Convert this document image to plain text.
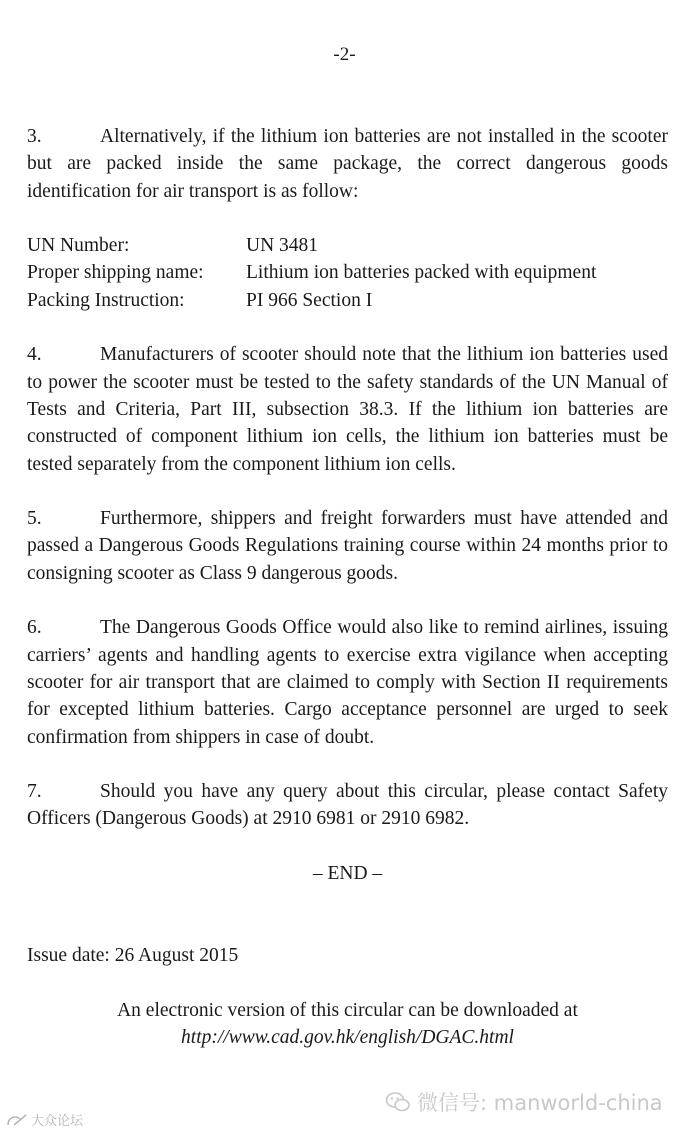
-2-

3.	Alternatively, if the lithium ion batteries are not installed in the scooter but are packed inside the same package, the correct dangerous goods identification for air transport is as follow:

UN Number:	UN 3481
Proper shipping name:	Lithium ion batteries packed with equipment
Packing Instruction:	PI 966 Section I

4.	Manufacturers of scooter should note that the lithium ion batteries used to power the scooter must be tested to the safety standards of the UN Manual of Tests and Criteria, Part III, subsection 38.3. If the lithium ion batteries are constructed of component lithium ion cells, the lithium ion batteries must be tested separately from the component lithium ion cells.

5.	Furthermore, shippers and freight forwarders must have attended and passed a Dangerous Goods Regulations training course within 24 months prior to consigning scooter as Class 9 dangerous goods.

6.	The Dangerous Goods Office would also like to remind airlines, issuing carriers’ agents and handling agents to exercise extra vigilance when accepting scooter for air transport that are claimed to comply with Section II requirements for excepted lithium batteries. Cargo acceptance personnel are urged to seek confirmation from shippers in case of doubt.

7.	Should you have any query about this circular, please contact Safety Officers (Dangerous Goods) at 2910 6981 or 2910 6982.

– END –
Issue date: 26 August 2015
An electronic version of this circular can be downloaded at
http://www.cad.gov.hk/english/DGAC.html
微信号: manworld-china
大众论坛
